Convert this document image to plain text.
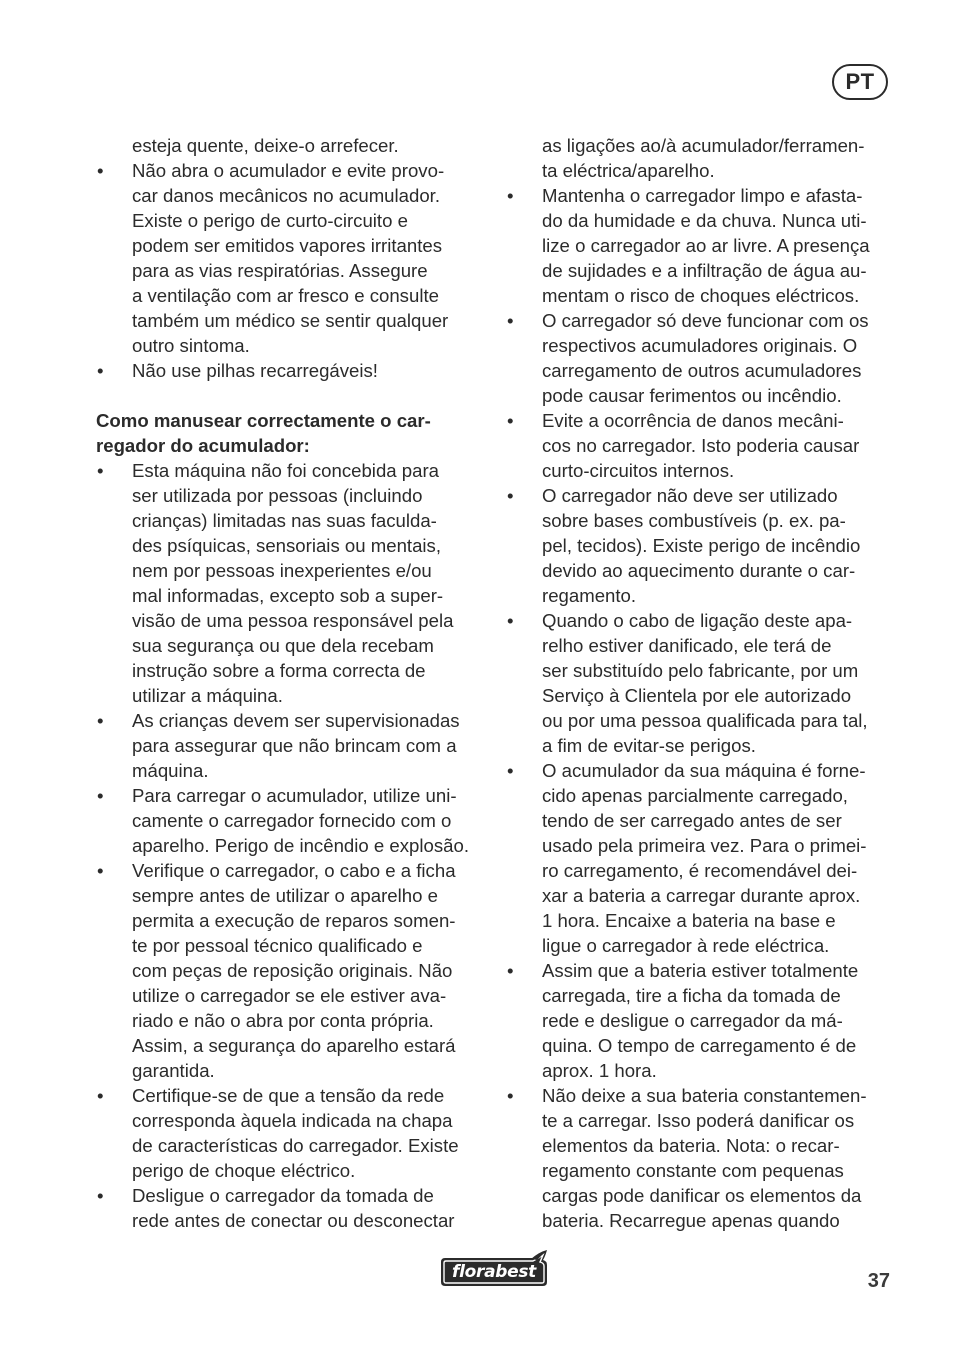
PT
esteja quente, deixe-o arrefecer.
•	Não abra o acumulador e evite provo-
car danos mecânicos no acumulador.
Existe o perigo de curto-circuito e
podem ser emitidos vapores irritantes
para as vias respiratórias. Assegure
a ventilação com ar fresco e consulte
também um médico se sentir qualquer
outro sintoma.
•	Não use pilhas recarregáveis!
Como manusear correctamente o car-
regador do acumulador:
•	Esta máquina não foi concebida para
ser utilizada por pessoas (incluindo
crianças) limitadas nas suas faculda-
des psíquicas, sensoriais ou mentais,
nem por pessoas inexperientes e/ou
mal informadas, excepto sob a super-
visão de uma pessoa responsável pela
sua segurança ou que dela recebam
instrução sobre a forma correcta de
utilizar a máquina.
•	As crianças devem ser supervisionadas
para assegurar que não brincam com a
máquina.
•	Para carregar o acumulador, utilize uni-
camente o carregador fornecido com o
aparelho. Perigo de incêndio e explosão.
•	Verifique o carregador, o cabo e a ficha
sempre antes de utilizar o aparelho e
permita a execução de reparos somen-
te por pessoal técnico qualificado e
com peças de reposição originais. Não
utilize o carregador se ele estiver ava-
riado e não o abra por conta própria.
Assim, a segurança do aparelho estará
garantida.
•	Certifique-se de que a tensão da rede
corresponda àquela indicada na chapa
de características do carregador. Existe
perigo de choque eléctrico.
•	Desligue o carregador da tomada de
rede antes de conectar ou desconectar
as ligações ao/à acumulador/ferramen-
ta eléctrica/aparelho.
•	Mantenha o carregador limpo e afasta-
do da humidade e da chuva. Nunca uti-
lize o carregador ao ar livre. A presença
de sujidades e a infiltração de água au-
mentam o risco de choques eléctricos.
•	O carregador só deve funcionar com os
respectivos acumuladores originais. O
carregamento de outros acumuladores
pode causar ferimentos ou incêndio.
•	Evite a ocorrência de danos mecâni-
cos no carregador. Isto poderia causar
curto-circuitos internos.
•	O carregador não deve ser utilizado
sobre bases combustíveis (p. ex. pa-
pel, tecidos). Existe perigo de incêndio
devido ao aquecimento durante o car-
regamento.
•	Quando o cabo de ligação deste apa-
relho estiver danificado, ele terá de
ser substituído pelo fabricante, por um
Serviço à Clientela por ele autorizado
ou por uma pessoa qualificada para tal,
a fim de evitar-se perigos.
•	O acumulador da sua máquina é forne-
cido apenas parcialmente carregado,
tendo de ser carregado antes de ser
usado pela primeira vez. Para o primei-
ro carregamento, é recomendável dei-
xar a bateria a carregar durante aprox.
1 hora. Encaixe a bateria na base e
ligue o carregador à rede eléctrica.
•	Assim que a bateria estiver totalmente
carregada, tire a ficha da tomada de
rede e desligue o carregador da má-
quina. O tempo de carregamento é de
aprox. 1 hora.
•	Não deixe a sua bateria constantemen-
te a carregar. Isso poderá danificar os
elementos da bateria. Nota: o recar-
regamento constante com pequenas
cargas pode danificar os elementos da
bateria. Recarregue apenas quando
florabest	37
